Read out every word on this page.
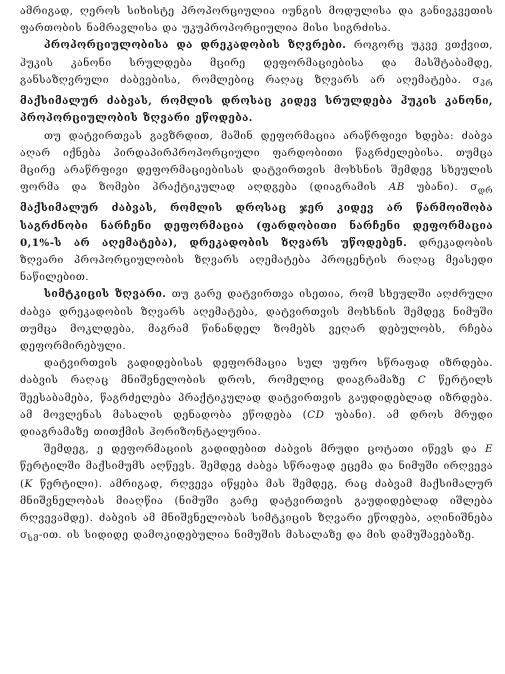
ამრიგად, ღეროს სიხისტე პროპორციულია იუნგის მოდულისა და განივკვეთის ფართობის ნამრავლისა და უკუპროპორციულია მისი სიგრძისა.

პროპორციულობისა და დრეკადობის ზღვრები. როგორც უკვე ვთქვით, ჰუკის კანონი სრულდება მცირე დეფორმაციებისა და მასშტაბამდე, განსაზღვრული ძაბვებისა, რომლებიც რაღაც ზღვარს არ აღემატება. $\sigma_{პრ}$ მაქსიმალურ ძაბვას, რომლის დროსაც კიდევ სრულდება ჰუკის კანონი, პროპორციულობის ზღვარი ეწოდება.

თუ დატვირთვას გავზრდით, მაშინ დეფორმაცია არაწრფივი ხდება: ძაბვა აღარ იქნება პირდაპირპროპორციული ფარდობითი წაგრძელებისა. თუმცა მცირე არაწრფივი დეფორმაციებისას დატვირთვის მოხსნის შემდეგ სხეულის ფორმა და ზომები პრაქტიკულად აღდგება (დიაგრამის AB უბანი). $\sigma_{დრ}$ მაქსიმალურ ძაბვას, რომლის დროსაც ჯერ კიდევ არ წარმოიშობა საგრძნობი ნარჩენი დეფორმაცია (ფარდობითი ნარჩენი დეფორმაცია 0,1%-ს არ აღემატება), დრეკადობის ზღვარს უწოდებენ. დრეკადობის ზღვარი პროპორციულობის ზღვარს აღემატება პროცენტის რაღაც მეასედი ნაწილებით.

სიმტკიცის ზღვარი. თუ გარე დატვირთვა ისეთია, რომ სხეულში აღძრული ძაბვა დრეკადობის ზღვარს აღემატება, დატვირთვის მოხსნის შემდეგ ნიმუში თუმცა მოკლდება, მაგრამ წინანდელ ზომებს ვეღარ დებულობს, რჩება დეფორმირებული.

დატვირთვის გადიდებისას დეფორმაცია სულ უფრო სწრაფად იზრდება. ძაბვის რაღაც მნიშვნელობის დროს, რომელიც დიაგრამაზე C წერტილს შეესაბამება, წაგრძელება პრაქტიკულად დატვირთვის გაუდიდებლად იზრდება. ამ მოვლენას მასალის დენადობა ეწოდება (CD უბანი). ამ დროს მრუდი დიაგრამაზე თითქმის ჰორიზონტალურია.

შემდეგ, ე დეფორმაციის გადიდებით ძაბვის მრუდი ცოტათი იწევს და E წერტილში მაქსიმუმს აღწევს. შემდეგ ძაბვა სწრაფად ეცემა და ნიმუში ირღვევა (K წერტილი). ამრიგად, რღვევა იწყება მას შემდეგ, რაც ძაბვამ მაქსიმალურ მნიშვნელობას მიაღწია (ნიმუში გარე დატვირთვის გაუდიდებლად იშლება რღვევამდე). ძაბვის ამ მნიშვნელობას სიმტკიცის ზღვარი ეწოდება, აღინიშნება $\sigma_{სმ}-ით$. ის სიდიდე დამოკიდებულია ნიმუშის მასალაზე და მის დამუშავებაზე.
